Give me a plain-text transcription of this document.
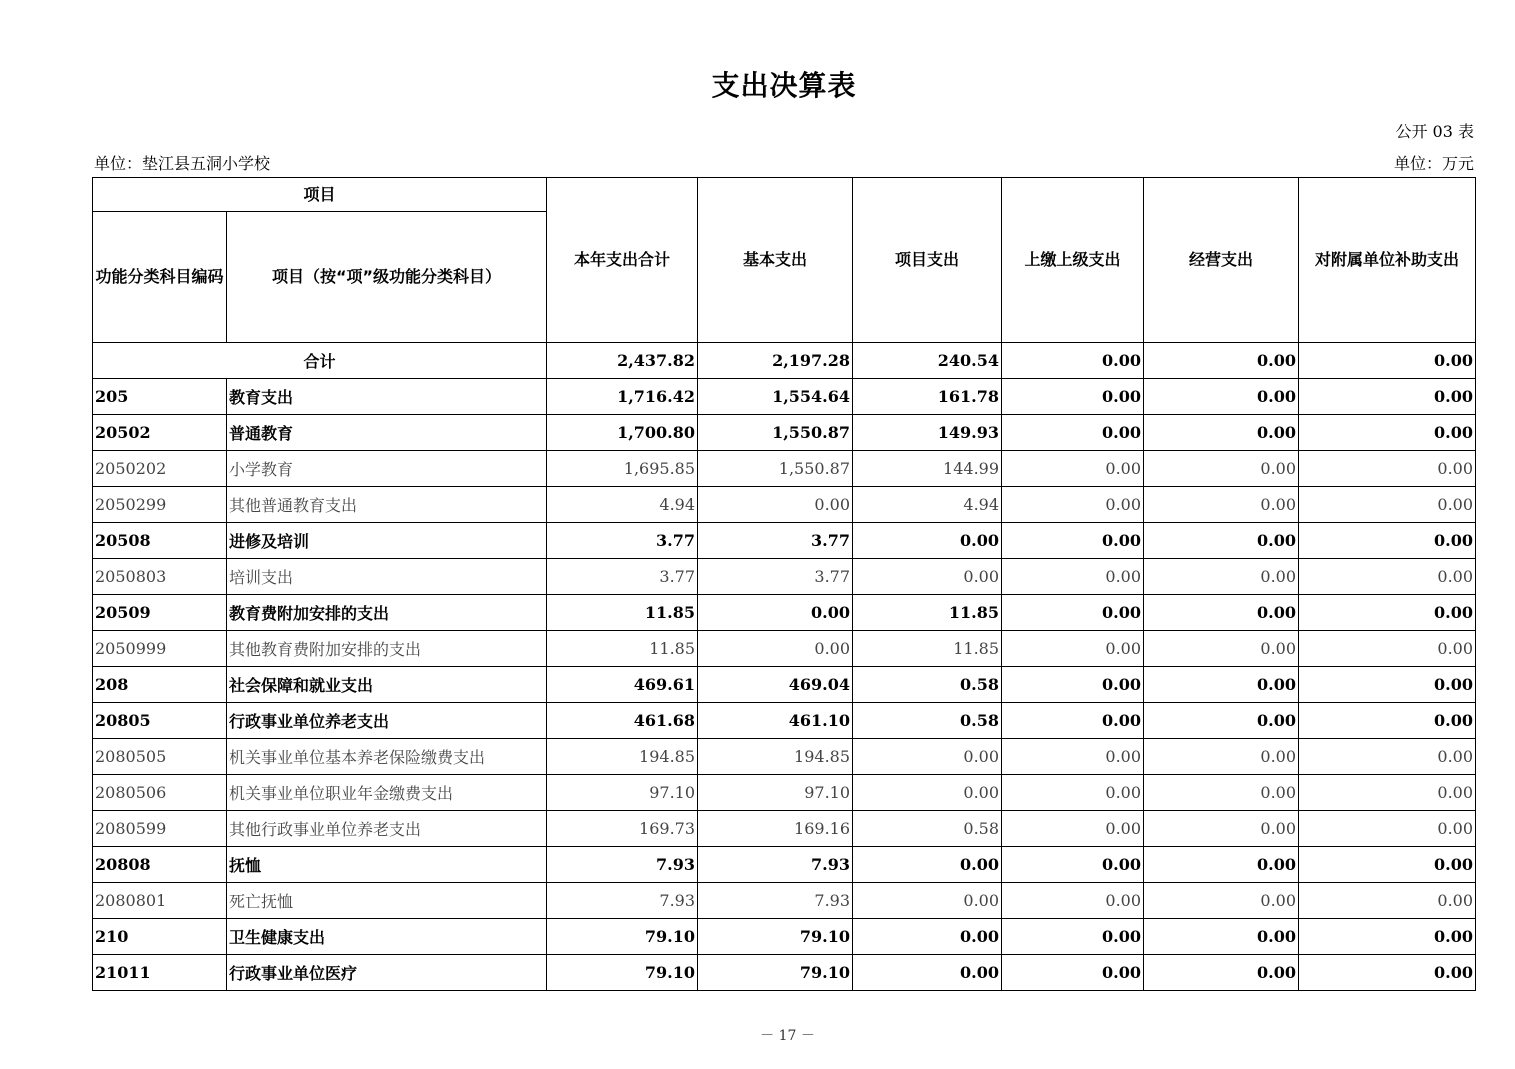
支出决算表
公开 03 表
单位：垫江县五洞小学校	单位：万元
项目		本年支出合计	基本支出	项目支出	上缴上级支出	经营支出	对附属单位补助支出
功能分类科目编码	项目（按“项”级功能分类科目）						
合计		2,437.82	2,197.28	240.54	0.00	0.00	0.00
205	教育支出	1,716.42	1,554.64	161.78	0.00	0.00	0.00
20502	普通教育	1,700.80	1,550.87	149.93	0.00	0.00	0.00
2050202	小学教育	1,695.85	1,550.87	144.99	0.00	0.00	0.00
2050299	其他普通教育支出	4.94	0.00	4.94	0.00	0.00	0.00
20508	进修及培训	3.77	3.77	0.00	0.00	0.00	0.00
2050803	培训支出	3.77	3.77	0.00	0.00	0.00	0.00
20509	教育费附加安排的支出	11.85	0.00	11.85	0.00	0.00	0.00
2050999	其他教育费附加安排的支出	11.85	0.00	11.85	0.00	0.00	0.00
208	社会保障和就业支出	469.61	469.04	0.58	0.00	0.00	0.00
20805	行政事业单位养老支出	461.68	461.10	0.58	0.00	0.00	0.00
2080505	机关事业单位基本养老保险缴费支出	194.85	194.85	0.00	0.00	0.00	0.00
2080506	机关事业单位职业年金缴费支出	97.10	97.10	0.00	0.00	0.00	0.00
2080599	其他行政事业单位养老支出	169.73	169.16	0.58	0.00	0.00	0.00
20808	抚恤	7.93	7.93	0.00	0.00	0.00	0.00
2080801	死亡抚恤	7.93	7.93	0.00	0.00	0.00	0.00
210	卫生健康支出	79.10	79.10	0.00	0.00	0.00	0.00
21011	行政事业单位医疗	79.10	79.10	0.00	0.00	0.00	0.00
－ 17 －
